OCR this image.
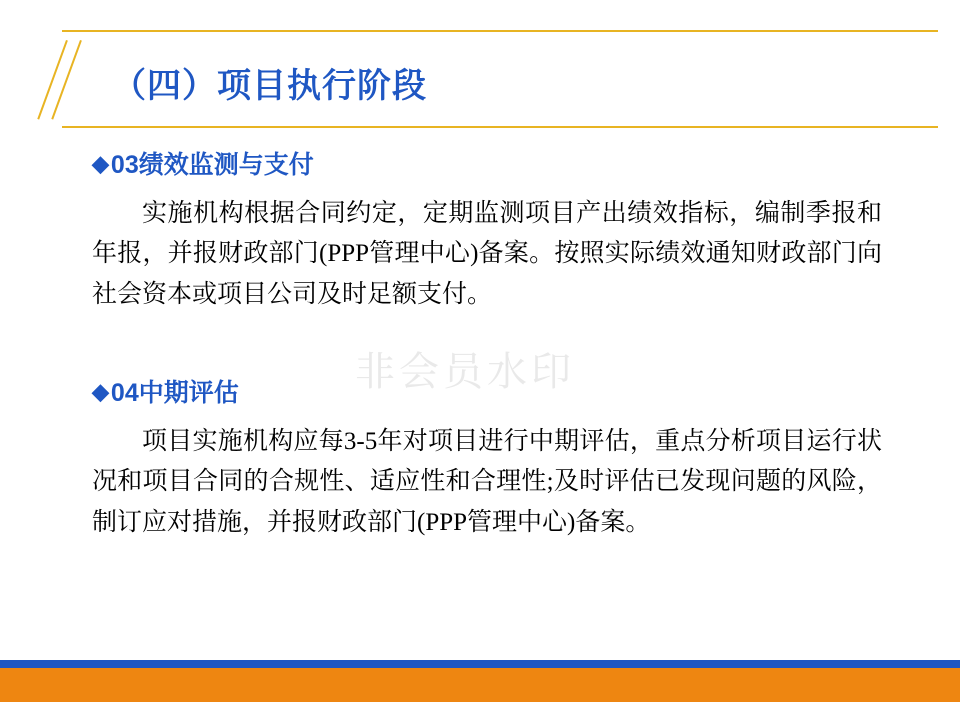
（四）项目执行阶段
◆03绩效监测与支付
实施机构根据合同约定，定期监测项目产出绩效指标，编制季报和年报，并报财政部门(PPP管理中心)备案。按照实际绩效通知财政部门向社会资本或项目公司及时足额支付。
◆04中期评估
项目实施机构应每3-5年对项目进行中期评估，重点分析项目运行状况和项目合同的合规性、适应性和合理性;及时评估已发现问题的风险，制订应对措施，并报财政部门(PPP管理中心)备案。
非会员水印
